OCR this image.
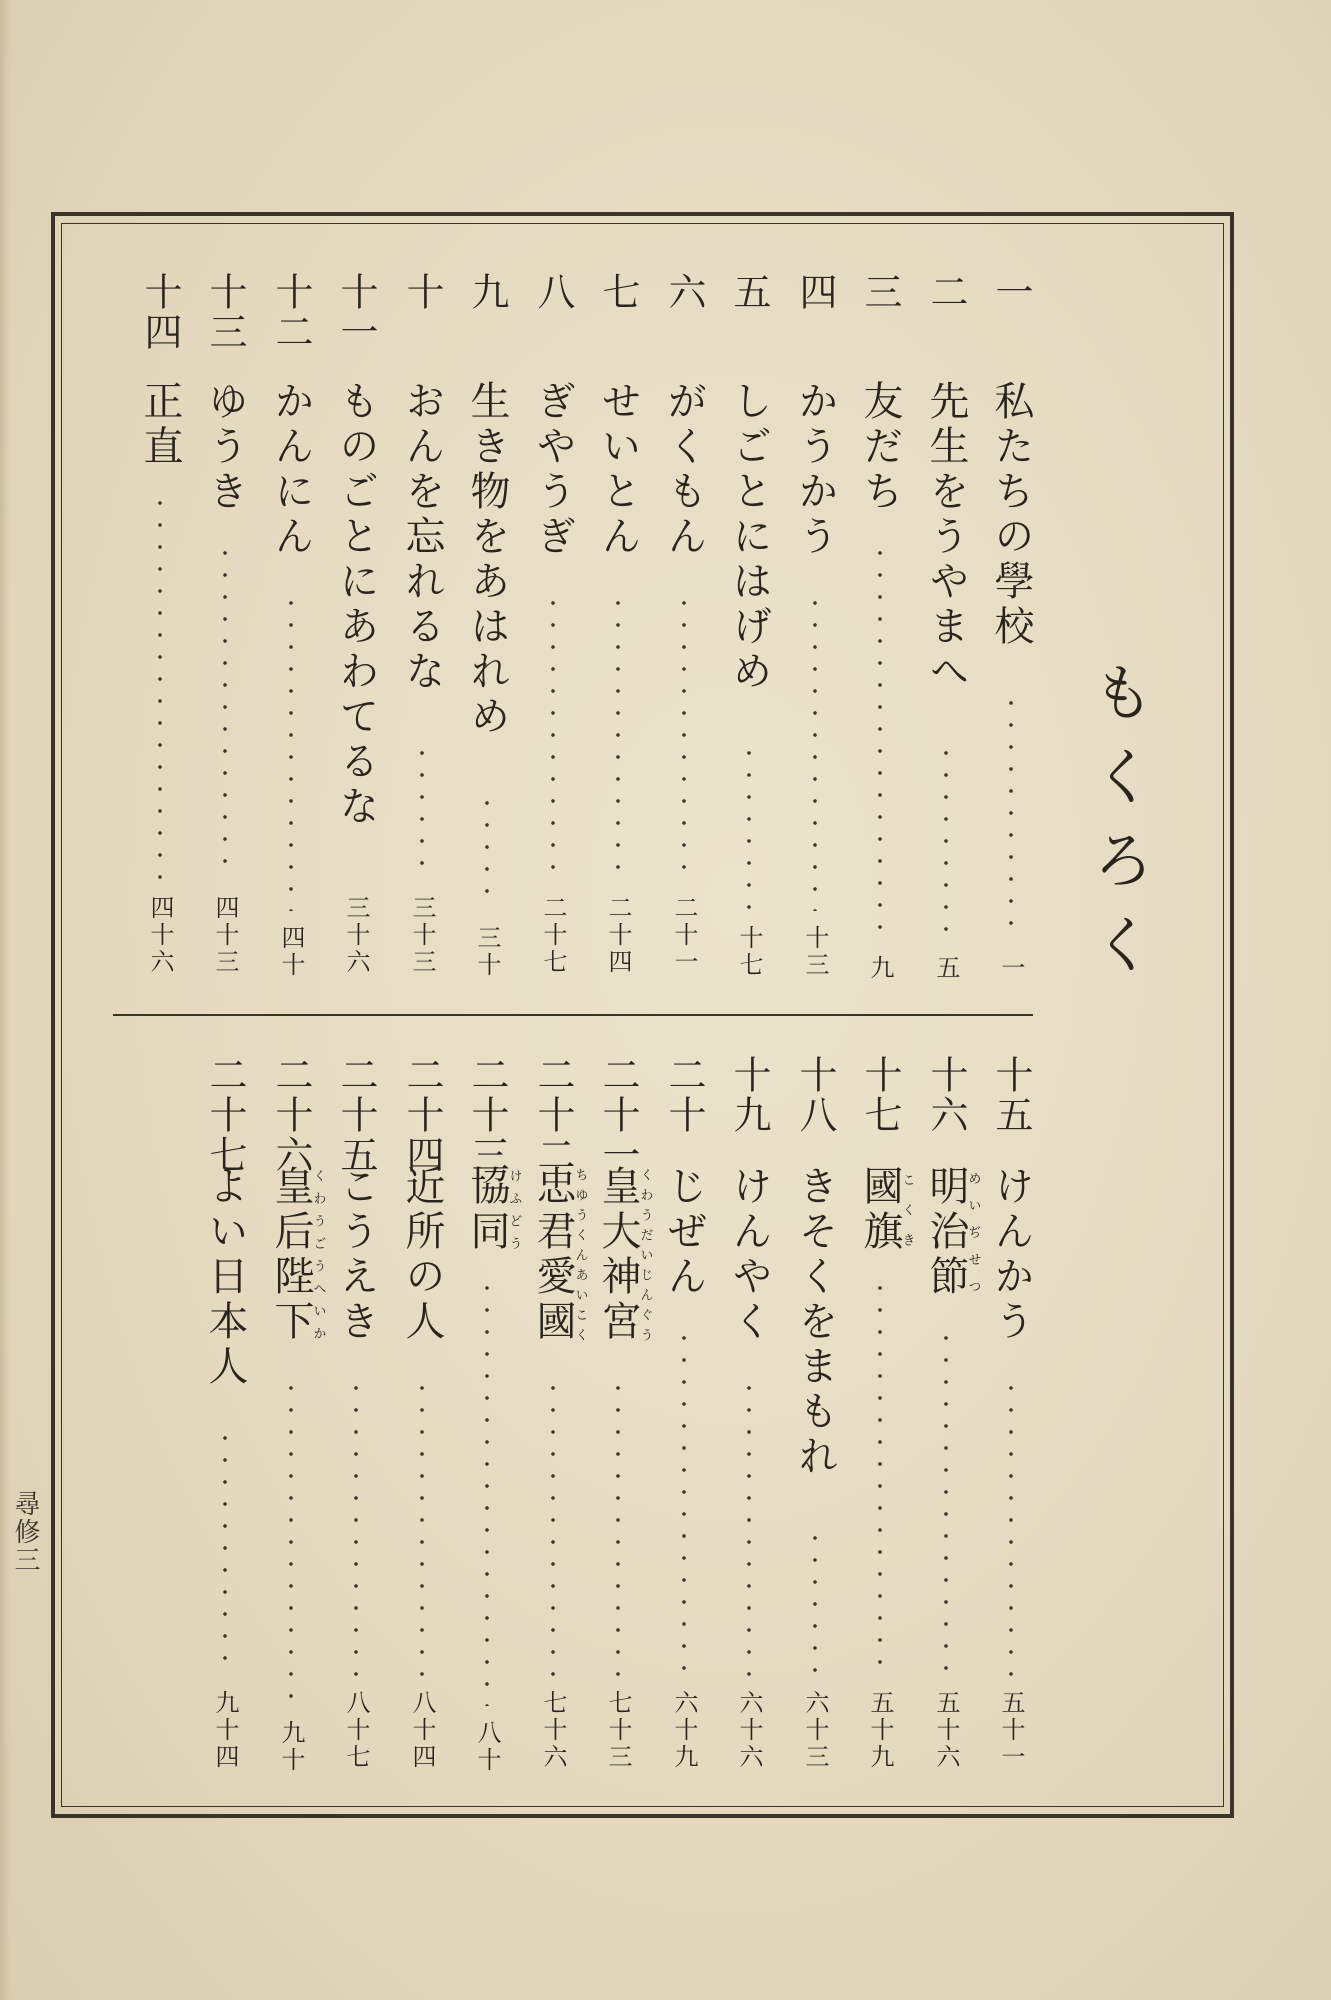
もくろく
尋修三
一
私たちの學校
一
二
先生をうやまへ
五
三
友だち
九
四
かうかう
十三
五
しごとにはげめ
十七
六
がくもん
二十一
七
せいとん
二十四
八
ぎやうぎ
二十七
九
生き物をあはれめ
三十
十
おんを忘れるな
三十三
十一
ものごとにあわてるな
三十六
十二
かんにん
四十
十三
ゆうき
四十三
十四
正直
四十六
十五
けんかう
五十一
十六
明治節めいぢせつ
五十六
十七
國旗こくき
五十九
十八
きそくをまもれ
六十三
十九
けんやく
六十六
二十
じぜん
六十九
二十一
皇大神宮くわうだいじんぐう
七十三
二十二
忠君愛國ちゆうくんあいこく
七十六
二十三
協同けふどう
八十
二十四
近所の人
八十四
二十五
こうえき
八十七
二十六
皇后陛下くわうごうへいか
九十
二十七
よい日本人
九十四
